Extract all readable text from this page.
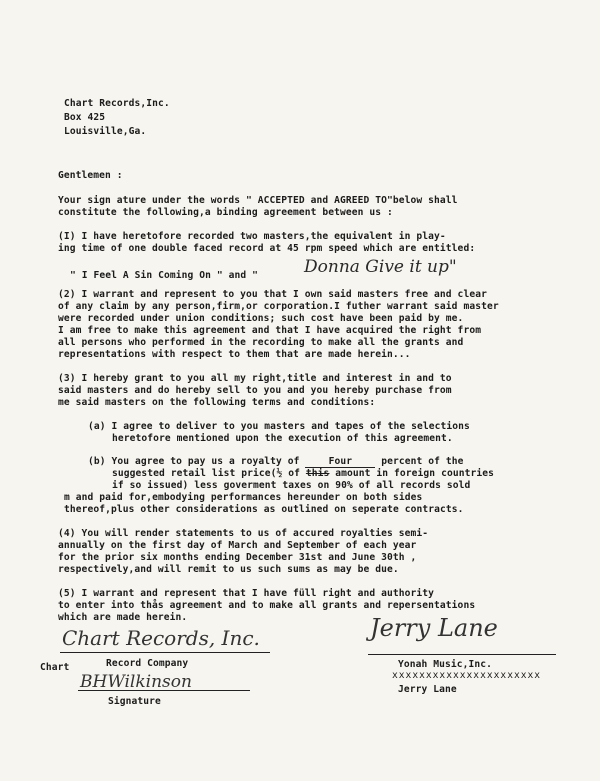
Chart Records,Inc.
Box 425
Louisville,Ga.
Gentlemen :
Your sign ature under the words " ACCEPTED and AGREED TO"below shall
constitute the following,a binding agreement between us :
(I) I have heretofore recorded two masters,the equivalent in play-
ing time of one double faced record at 45 rpm speed which are entitled:
" I Feel A Sin Coming On " and "	Donna Give it up"
(2) I warrant and represent to you that I own said masters free and clear
of any claim by any person,firm,or corporation.I futher warrant said master
were recorded under union conditions; such cost have been paid by me.
I am free to make this agreement and that I have acquired the right from
all persons who performed in the recording to make all the grants and
representations with respect to them that are made herein...
(3) I hereby grant to you all my right,title and interest in and to
said masters and do hereby sell to you and you hereby purchase from
me said masters on the following terms and conditions:
(a) I agree to deliver to you masters and tapes of the selections
heretofore mentioned upon the execution of this agreement.
(b) You agree to pay us a royalty of Four percent of the
suggested retail list price(½ of this amount in foreign countries
if so issued) less goverment taxes on 90% of all records sold
m and paid for,embodying performances hereunder on both sides
thereof,plus other considerations as outlined on seperate contracts.
(4) You will render statements to us of accured royalties semi-
annually on the first day of March and September of each year
for the prior six months ending December 31st and June 30th ,
respectively,and will remit to us such sums as may be due.
(5) I warrant and represent that I have füll right and authority
to enter into thås agreement and to make all grants and repersentations
which are made herein.
Chart Records, Inc.
Chart	Record Company
BHWilkinson
Signature
Jerry Lane
Yonah Music,Inc.
xxxxxxxxxxxxxxxxxxxxxx
Jerry Lane
